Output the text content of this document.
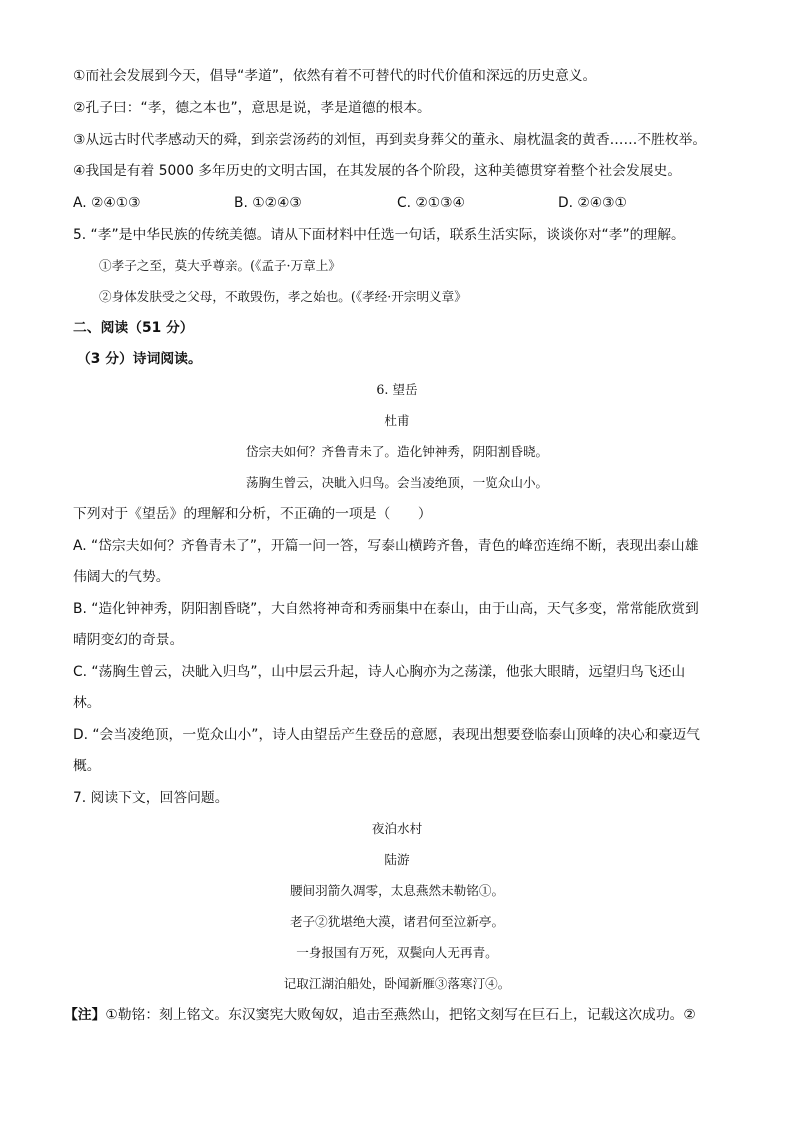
①而社会发展到今天，倡导“孝道”，依然有着不可替代的时代价值和深远的历史意义。
②孔子曰：“孝，德之本也”，意思是说，孝是道德的根本。
③从远古时代孝感动天的舜，到亲尝汤药的刘恒，再到卖身葬父的董永、扇枕温衾的黄香……不胜枚举。
④我国是有着 5000 多年历史的文明古国，在其发展的各个阶段，这种美德贯穿着整个社会发展史。
A. ②④①③	B. ①②④③	C. ②①③④	D. ②④③①
5. “孝”是中华民族的传统美德。请从下面材料中任选一句话，联系生活实际，谈谈你对“孝”的理解。
①孝子之至，莫大乎尊亲。(《孟子·万章上》
②身体发肤受之父母，不敢毁伤，孝之始也。(《孝经·开宗明义章》
二、阅读（51 分）
（3 分）诗词阅读。
6. 望岳
杜甫
岱宗夫如何？齐鲁青未了。造化钟神秀，阴阳割昏晓。
荡胸生曾云，决眦入归鸟。会当凌绝顶，一览众山小。
下列对于《望岳》的理解和分析，不正确的一项是（　　）
A. “岱宗夫如何？齐鲁青未了”，开篇一问一答，写泰山横跨齐鲁，青色的峰峦连绵不断，表现出泰山雄
伟阔大的气势。
B. “造化钟神秀，阴阳割昏晓”，大自然将神奇和秀丽集中在泰山，由于山高，天气多变，常常能欣赏到
晴阴变幻的奇景。
C. “荡胸生曾云，决眦入归鸟”，山中层云升起，诗人心胸亦为之荡漾，他张大眼睛，远望归鸟飞还山
林。
D. “会当凌绝顶，一览众山小”，诗人由望岳产生登岳的意愿，表现出想要登临泰山顶峰的决心和豪迈气
概。
7. 阅读下文，回答问题。
夜泊水村
陆游
腰间羽箭久凋零，太息燕然未勒铭①。
老子②犹堪绝大漠，诸君何至泣新亭。
一身报国有万死，双鬓向人无再青。
记取江湖泊船处，卧闻新雁③落寒汀④。
【注】①勒铭：刻上铭文。东汉窦宪大败匈奴，追击至燕然山，把铭文刻写在巨石上，记载这次成功。②
